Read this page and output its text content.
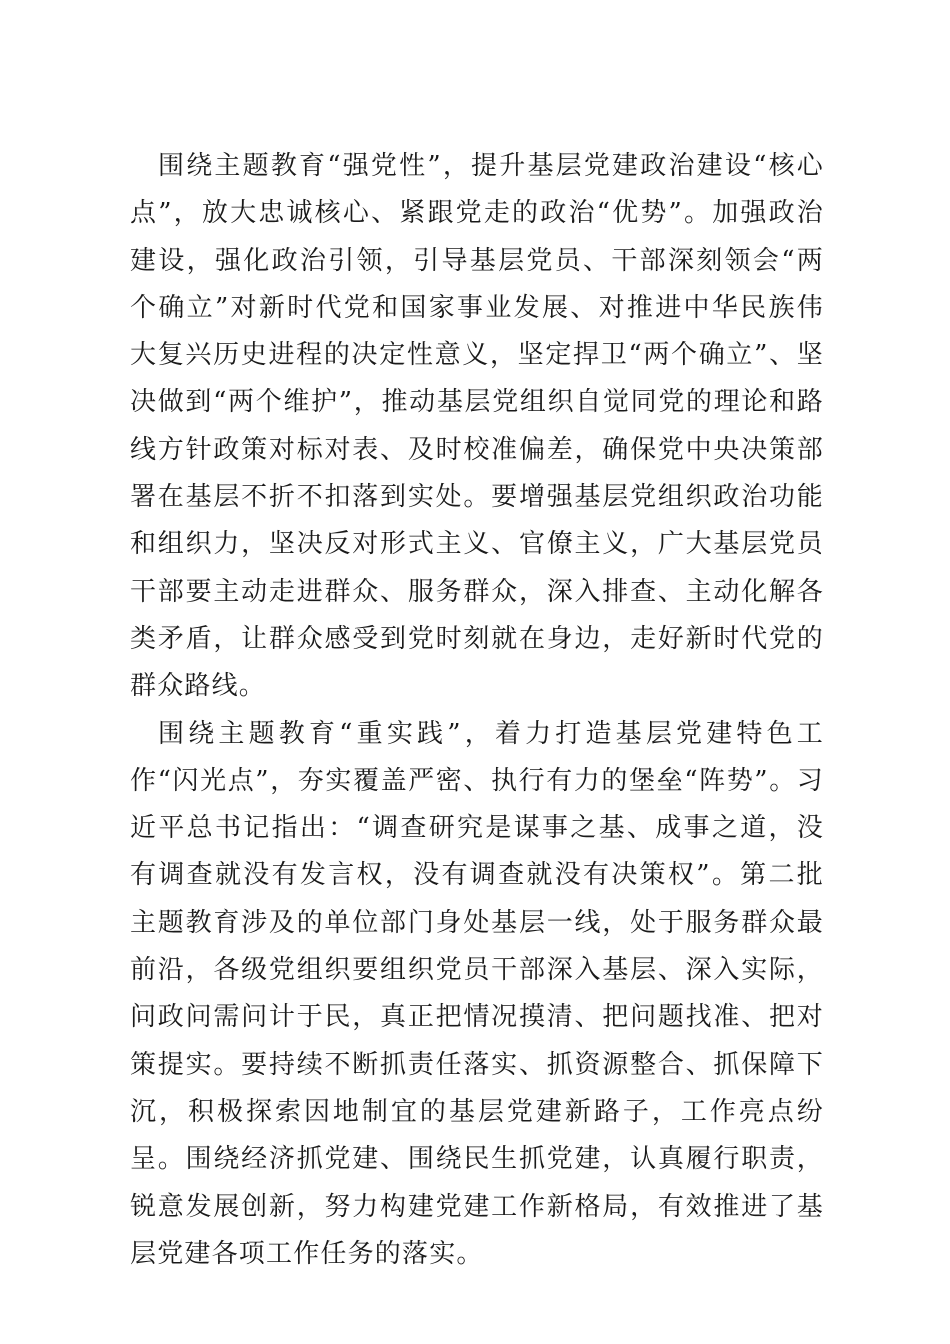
围绕主题教育“强党性”，提升基层党建政治建设“核心点”，放大忠诚核心、紧跟党走的政治“优势”。加强政治建设，强化政治引领，引导基层党员、干部深刻领会“两个确立”对新时代党和国家事业发展、对推进中华民族伟大复兴历史进程的决定性意义，坚定捍卫“两个确立”、坚决做到“两个维护”，推动基层党组织自觉同党的理论和路线方针政策对标对表、及时校准偏差，确保党中央决策部署在基层不折不扣落到实处。要增强基层党组织政治功能和组织力，坚决反对形式主义、官僚主义，广大基层党员干部要主动走进群众、服务群众，深入排查、主动化解各类矛盾，让群众感受到党时刻就在身边，走好新时代党的群众路线。

围绕主题教育“重实践”，着力打造基层党建特色工作“闪光点”，夯实覆盖严密、执行有力的堡垒“阵势”。习近平总书记指出：“调查研究是谋事之基、成事之道，没有调查就没有发言权，没有调查就没有决策权”。第二批主题教育涉及的单位部门身处基层一线，处于服务群众最前沿，各级党组织要组织党员干部深入基层、深入实际，问政问需问计于民，真正把情况摸清、把问题找准、把对策提实。要持续不断抓责任落实、抓资源整合、抓保障下沉，积极探索因地制宜的基层党建新路子，工作亮点纷呈。围绕经济抓党建、围绕民生抓党建，认真履行职责，锐意发展创新，努力构建党建工作新格局，有效推进了基层党建各项工作任务的落实。
